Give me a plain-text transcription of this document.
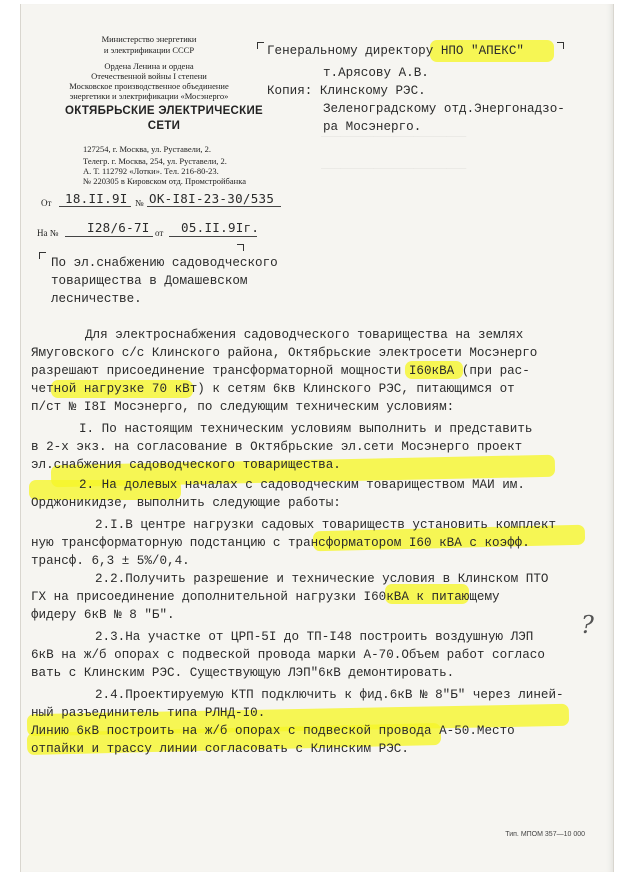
──────────────────────
──────────────────────
Министерство энергетики
и электрификации СССР
Ордена Ленина и ордена
Отечественной войны I степени
Московское производственное объединение
энергетики и электрификации «Мосэнерго»
ОКТЯБРЬСКИЕ ЭЛЕКТРИЧЕСКИЕ
СЕТИ
127254, г. Москва, ул. Руставели, 2.
Телегр. г. Москва, 254, ул. Руставели, 2.
А. Т. 112792 «Лотки». Тел. 216-80-23.
№ 220305 в Кировском отд. Промстройбанка
От 18.II.9I № ОК-I8I-23-30/535
На № I28/6-7I от 05.II.9Iг.
Генеральному директору НПО "АПЕКС"
т.Арясову А.В.
Копия: Клинскому РЭС.
Зеленоградскому отд.Энергонадзо-
ра Мосэнерго.
По эл.снабжению садоводческого
товарищества в Домашевском
лесничестве.
Для электроснабжения садоводческого товарищества на землях
Ямуговского с/с Клинского района, Октябрьские электросети Мосэнерго
разрешают присоединение трансформаторной мощности I60кВА (при рас-
четной нагрузке 70 кВт) к сетям 6кв Клинского РЭС, питающимся от
п/ст № I8I Мосэнерго, по следующим техническим условиям:
I. По настоящим техническим условиям выполнить и представить
в 2-х экз. на согласование в Октябрьские эл.сети Мосэнерго проект
эл.снабжения садоводческого товарищества.
2. На долевых началах с садоводческим товариществом МАИ им.
Орджоникидзе, выполнить следующие работы:
2.I.В центре нагрузки садовых товариществ установить комплект
ную трансформаторную подстанцию с трансформатором I60 кВА с коэфф.
трансф. 6,3 ± 5%/0,4.
2.2.Получить разрешение и технические условия в Клинском ПТО
ГХ на присоединение дополнительной нагрузки I60кВА к питающему
фидеру 6кВ № 8 "Б".
2.3.На участке от ЦРП-5I до ТП-I48 построить воздушную ЛЭП
6кВ на ж/б опорах с подвеской провода марки А-70.Объем работ согласо
вать с Клинским РЭС. Существующую ЛЭП"6кВ демонтировать.
2.4.Проектируемую КТП подключить к фид.6кВ № 8"Б" через линей-
ный разъединитель типа РЛНД-I0.
Линию 6кВ построить на ж/б опорах с подвеской провода А-50.Место
отпайки и трассу линии согласовать с Клинским РЭС.
?
Тип. МПОМ 357—10 000
